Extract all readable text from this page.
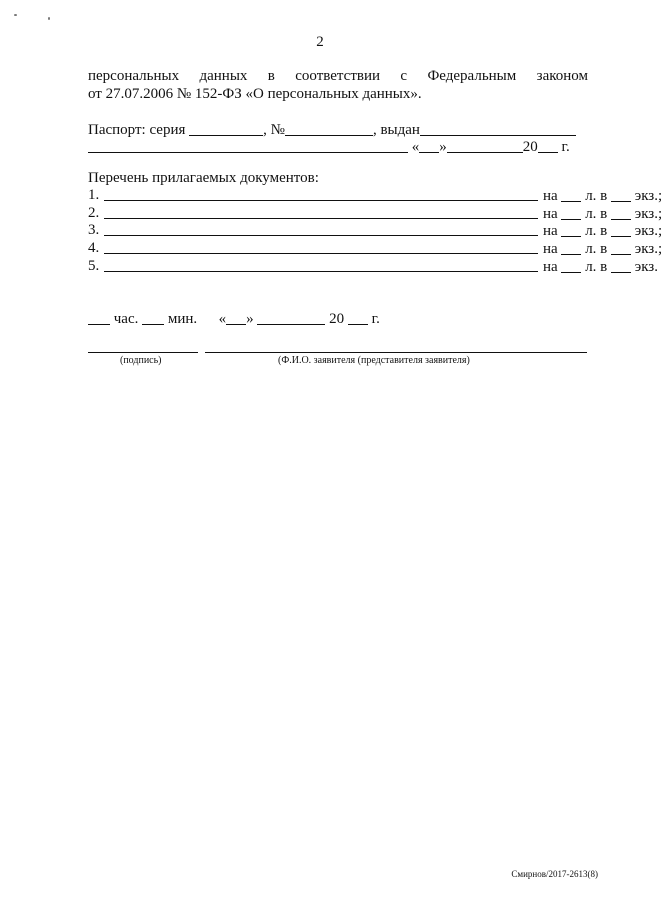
2
персональных данных в соответствии с Федеральным законом
от 27.07.2006 № 152-ФЗ «О персональных данных».
Паспорт: серия	, №	, выдан
« »	20 г.
Перечень прилагаемых документов:
1.	на л. в экз.;
2.	на л. в экз.;
3.	на л. в экз.;
4.	на л. в экз.;
5.	на л. в экз.
час. мин. « »	20 г.
(подпись)	(Ф.И.О. заявителя (представителя заявителя)
Смирнов/2017-2613(8)
